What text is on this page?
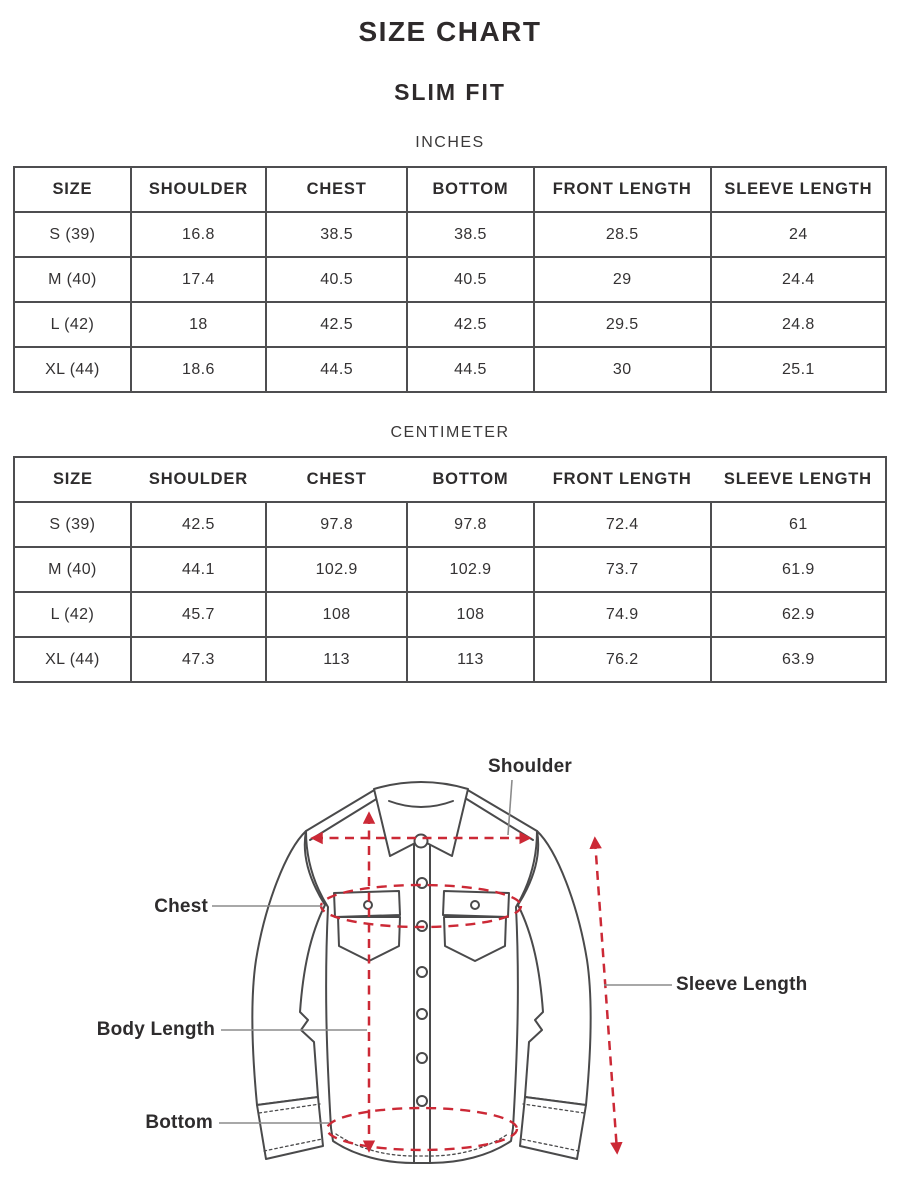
SIZE CHART
SLIM FIT
INCHES
SIZE	SHOULDER	CHEST	BOTTOM	FRONT LENGTH	SLEEVE LENGTH
S (39)	16.8	38.5	38.5	28.5	24
M (40)	17.4	40.5	40.5	29	24.4
L (42)	18	42.5	42.5	29.5	24.8
XL (44)	18.6	44.5	44.5	30	25.1
CENTIMETER
SIZE	SHOULDER	CHEST	BOTTOM	FRONT LENGTH	SLEEVE LENGTH
S (39)	42.5	97.8	97.8	72.4	61
M (40)	44.1	102.9	102.9	73.7	61.9
L (42)	45.7	108	108	74.9	62.9
XL (44)	47.3	113	113	76.2	63.9
Shoulder
Chest
Body Length
Bottom
Sleeve Length
